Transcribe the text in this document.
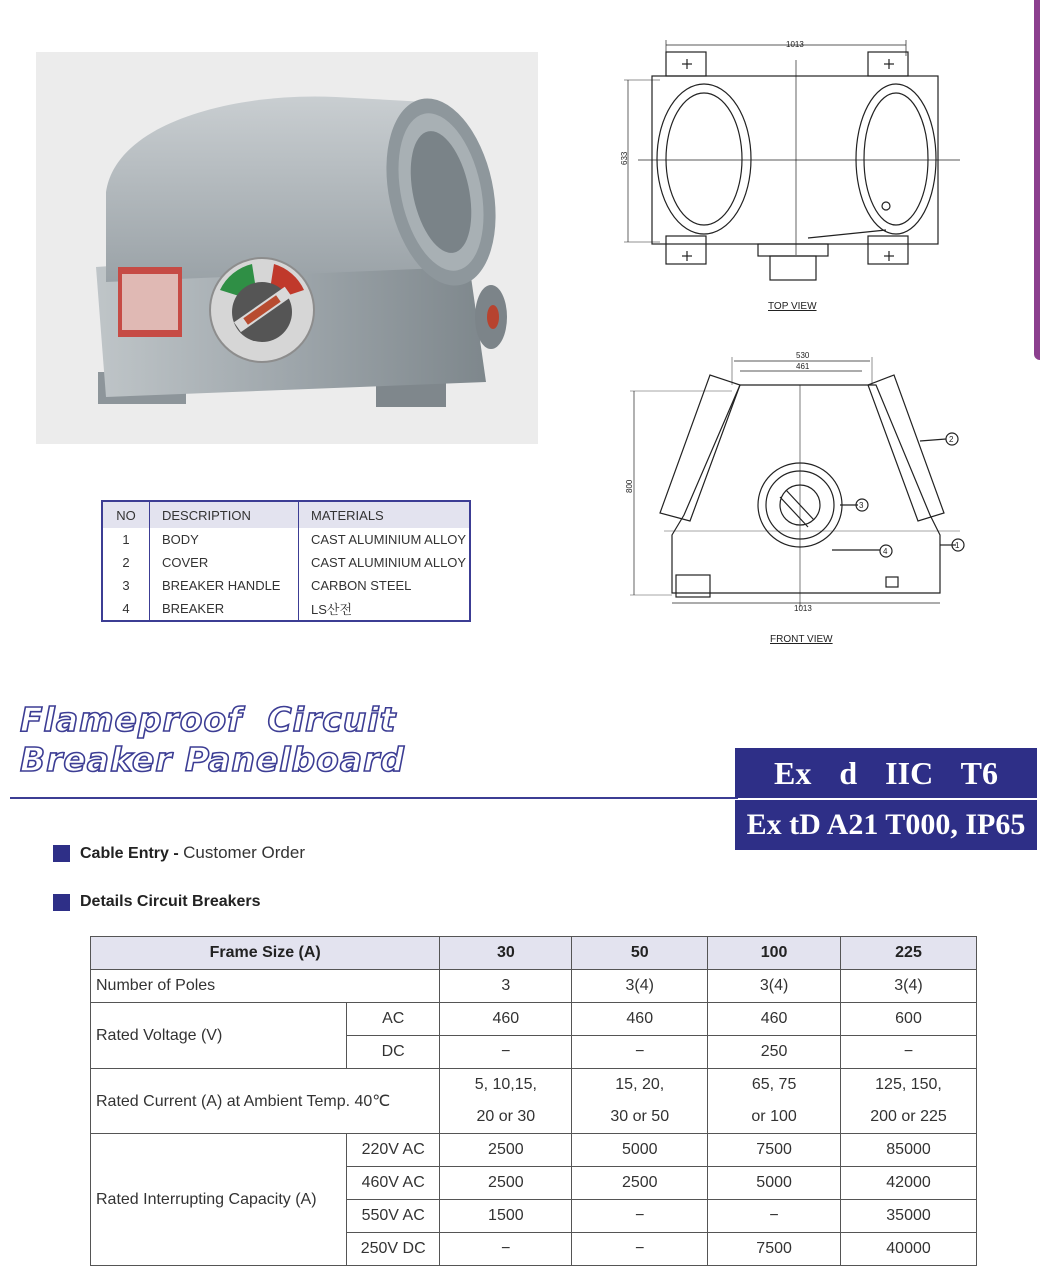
1013
633
TOP VIEW
530
461
800
1013
3
4
1
2
FRONT VIEW
NO	DESCRIPTION	MATERIALS
1	BODY	CAST ALUMINIUM ALLOY
2	COVER	CAST ALUMINIUM ALLOY
3	BREAKER HANDLE	CARBON STEEL
4	BREAKER	LS산전
Flameproof  Circuit
Breaker Panelboard	Ex  d  IIC  T6
Ex tD A21 T000, IP65
Cable Entry - Customer Order
Details Circuit Breakers
Frame Size (A)		30	50	100	225
Number of Poles		3	3(4)	3(4)	3(4)
Rated Voltage (V)	AC	460	460	460	600
	DC	−	−	250	−
Rated Current (A) at Ambient Temp. 40℃		5, 10,15,	15, 20,	65, 75	125, 150,
		20 or 30	30 or 50	or 100	200 or 225
Rated Interrupting Capacity (A)	220V AC	2500	5000	7500	85000
	460V AC	2500	2500	5000	42000
	550V AC	1500	−	−	35000
	250V DC	−	−	7500	40000
